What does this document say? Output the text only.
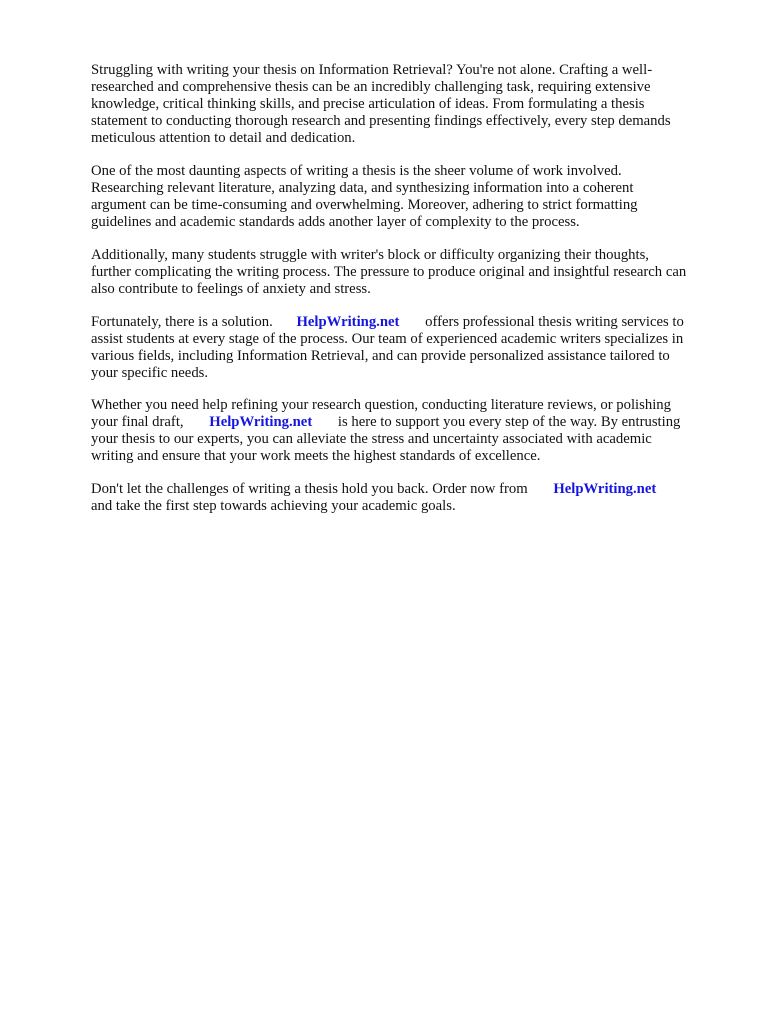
Struggling with writing your thesis on Information Retrieval? You're not alone. Crafting a well-
researched and comprehensive thesis can be an incredibly challenging task, requiring extensive
knowledge, critical thinking skills, and precise articulation of ideas. From formulating a thesis
statement to conducting thorough research and presenting findings effectively, every step demands
meticulous attention to detail and dedication.

One of the most daunting aspects of writing a thesis is the sheer volume of work involved.
Researching relevant literature, analyzing data, and synthesizing information into a coherent
argument can be time-consuming and overwhelming. Moreover, adhering to strict formatting
guidelines and academic standards adds another layer of complexity to the process.

Additionally, many students struggle with writer's block or difficulty organizing their thoughts,
further complicating the writing process. The pressure to produce original and insightful research can
also contribute to feelings of anxiety and stress.

Fortunately, there is a solution. HelpWriting.net offers professional thesis writing services to
assist students at every stage of the process. Our team of experienced academic writers specializes in
various fields, including Information Retrieval, and can provide personalized assistance tailored to
your specific needs.

Whether you need help refining your research question, conducting literature reviews, or polishing
your final draft, HelpWriting.net is here to support you every step of the way. By entrusting
your thesis to our experts, you can alleviate the stress and uncertainty associated with academic
writing and ensure that your work meets the highest standards of excellence.

Don't let the challenges of writing a thesis hold you back. Order now from HelpWriting.net
and take the first step towards achieving your academic goals.
